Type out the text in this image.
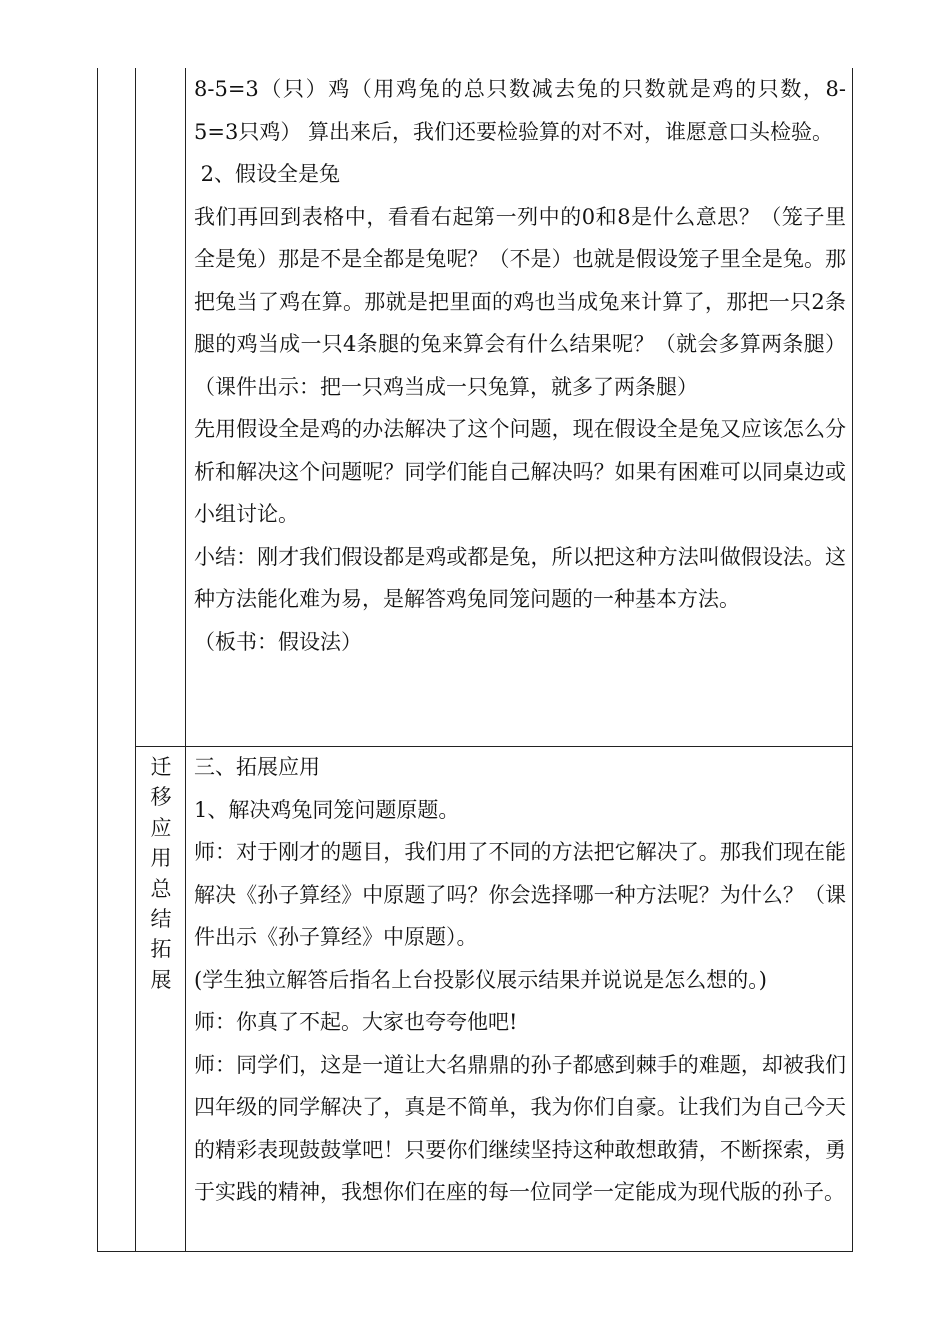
8-5=3（只）鸡（用鸡兔的总只数减去兔的只数就是鸡的只数，8-5=3只鸡） 算出来后，我们还要检验算的对不对，谁愿意口头检验。

2、假设全是兔

我们再回到表格中，看看右起第一列中的0和8是什么意思？（笼子里全是兔）那是不是全都是兔呢？（不是）也就是假设笼子里全是兔。那把兔当了鸡在算。那就是把里面的鸡也当成兔来计算了，那把一只2条腿的鸡当成一只4条腿的兔来算会有什么结果呢？（就会多算两条腿）（课件出示：把一只鸡当成一只兔算，就多了两条腿）

先用假设全是鸡的办法解决了这个问题，现在假设全是兔又应该怎么分析和解决这个问题呢？同学们能自己解决吗？如果有困难可以同桌边或小组讨论。

小结：刚才我们假设都是鸡或都是兔，所以把这种方法叫做假设法。这种方法能化难为易，是解答鸡兔同笼问题的一种基本方法。

（板书：假设法）

迁
移
应
用
总
结
拓
展

三、拓展应用

1、解决鸡兔同笼问题原题。

师：对于刚才的题目，我们用了不同的方法把它解决了。那我们现在能解决《孙子算经》中原题了吗？你会选择哪一种方法呢？为什么？（课件出示《孙子算经》中原题）。

(学生独立解答后指名上台投影仪展示结果并说说是怎么想的。)

师：你真了不起。大家也夸夸他吧!

师：同学们，这是一道让大名鼎鼎的孙子都感到棘手的难题，却被我们四年级的同学解决了，真是不简单，我为你们自豪。让我们为自己今天的精彩表现鼓鼓掌吧！只要你们继续坚持这种敢想敢猜，不断探索，勇于实践的精神，我想你们在座的每一位同学一定能成为现代版的孙子。
